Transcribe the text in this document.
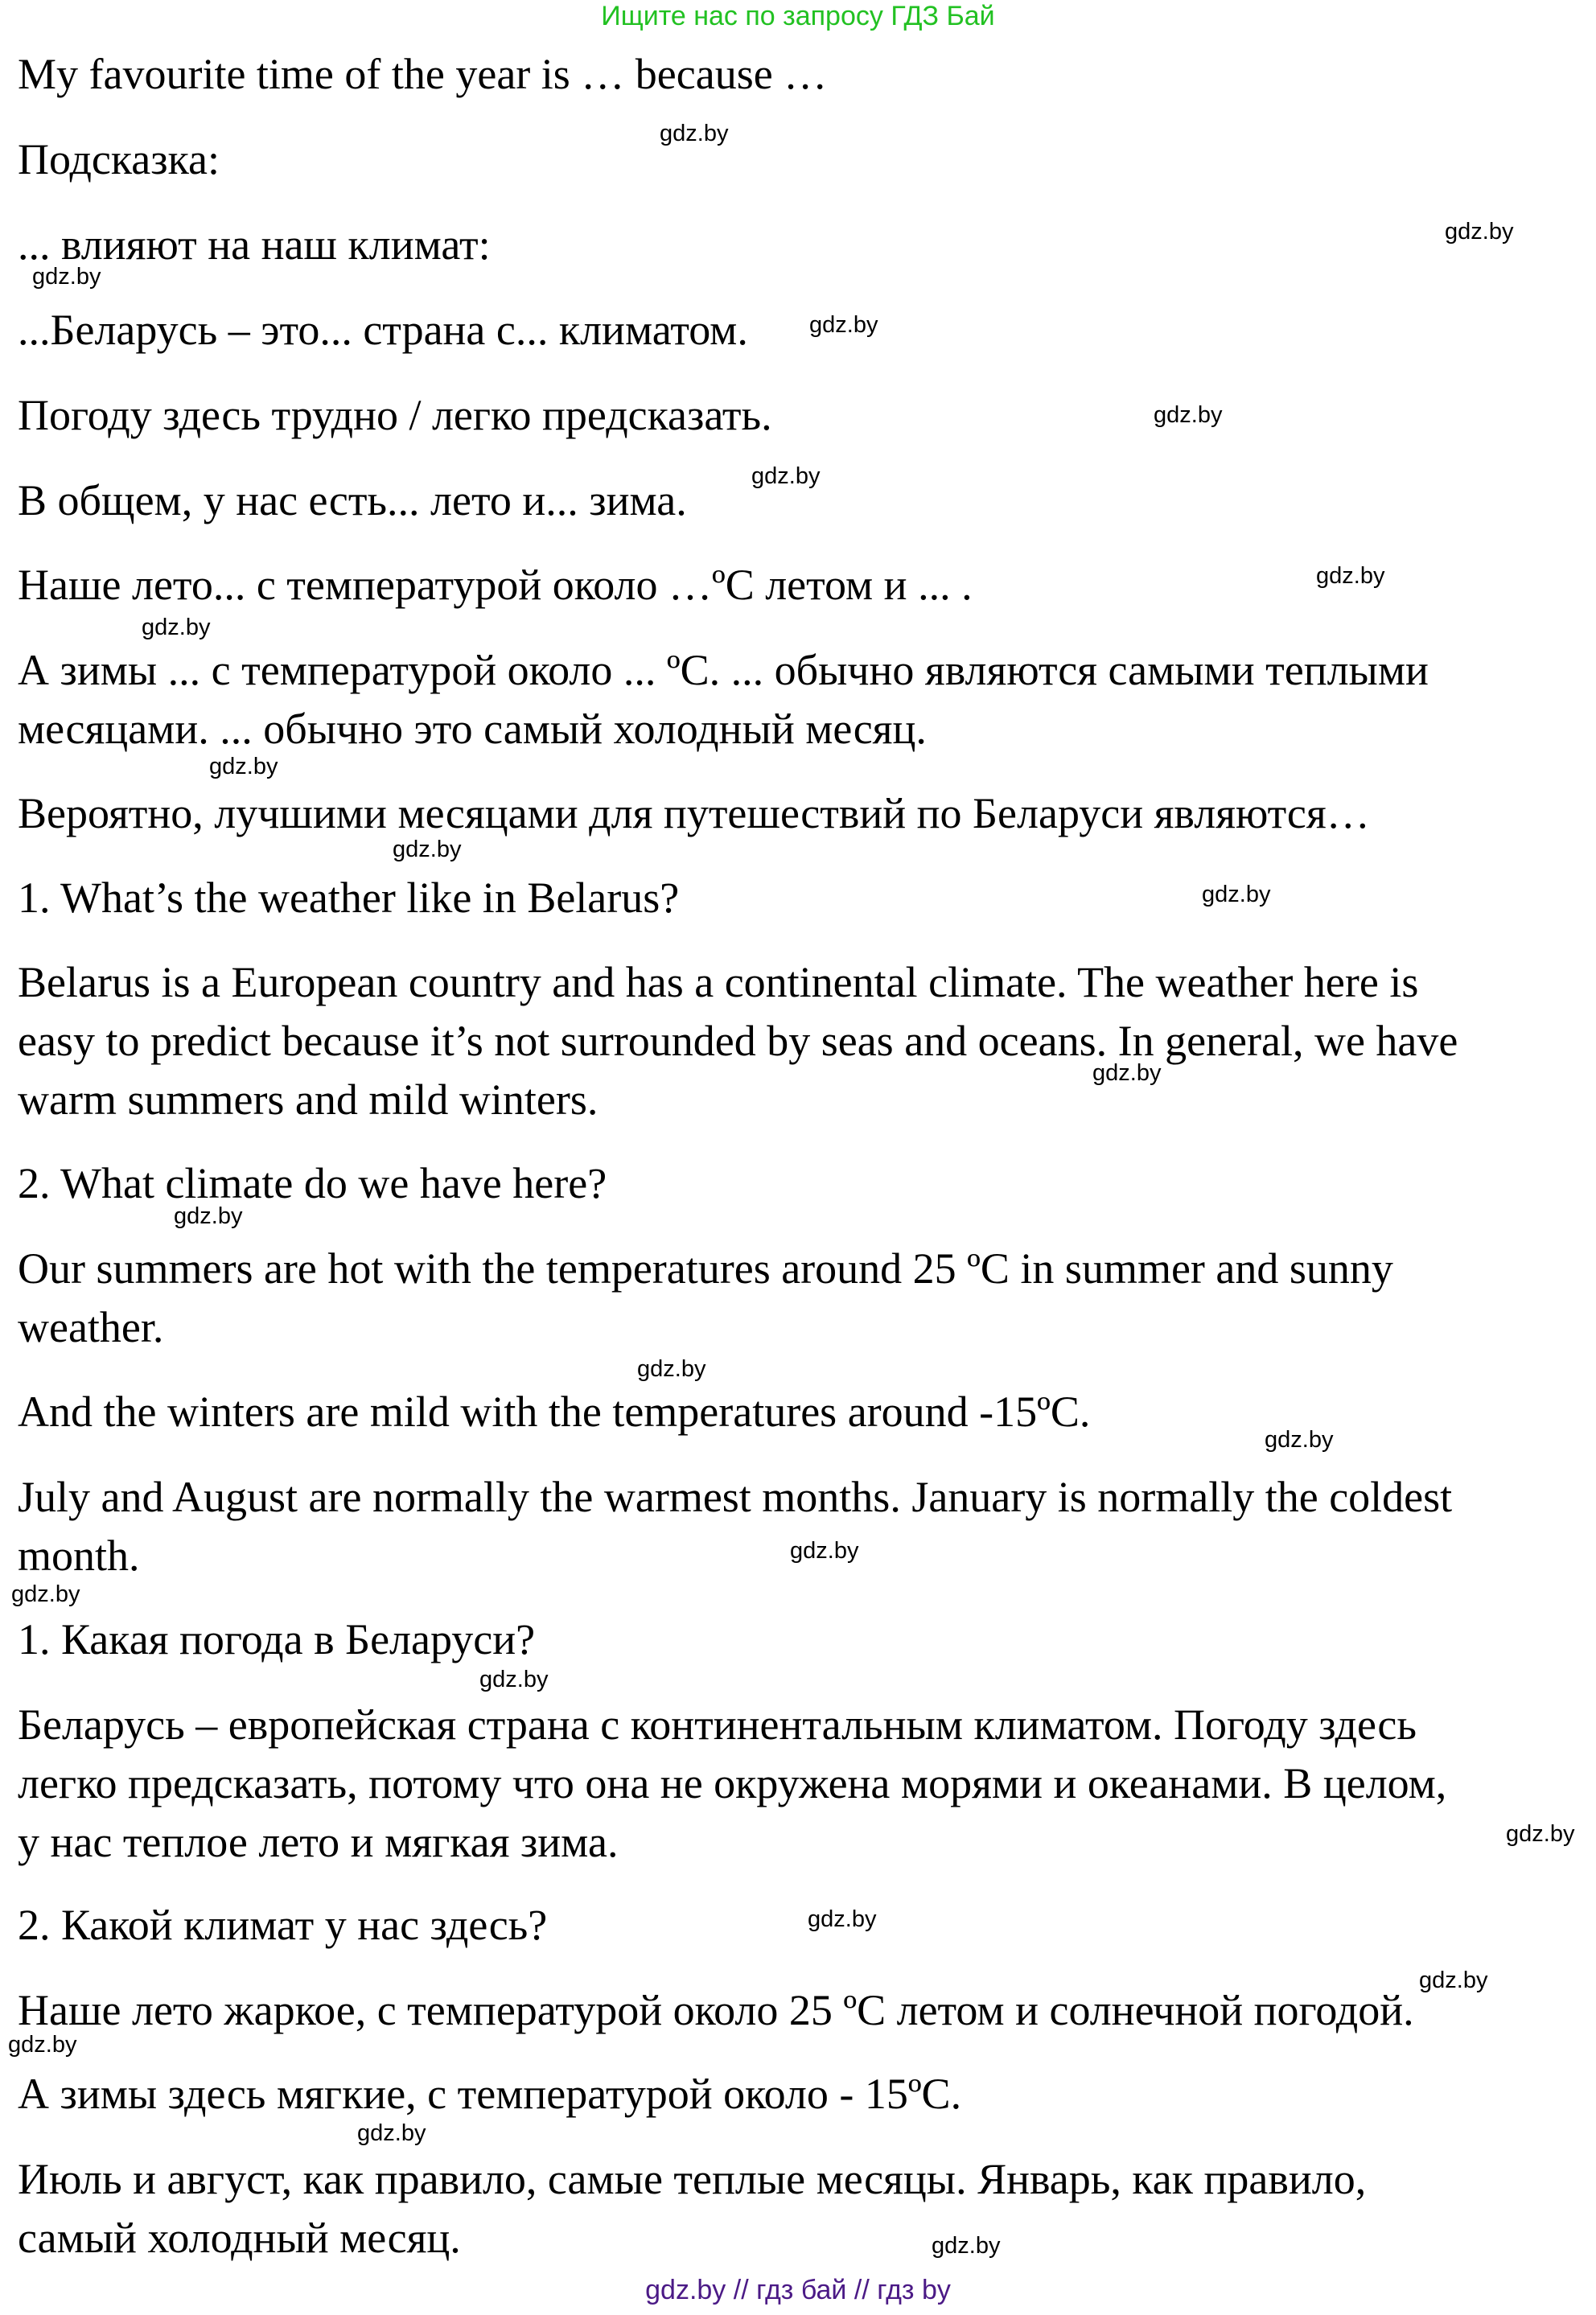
Ищите нас по запросу ГДЗ Бай
My favourite time of the year is … because …
Подсказка:
... влияют на наш климат:
...Беларусь – это... страна с... климатом.
Погоду здесь трудно / легко предсказать.
В общем, у нас есть... лето и... зима.
Наше лето... с температурой около …ºC летом и ... .
А зимы ... с температурой около ... ºC. ... обычно являются самыми теплыми
месяцами. ... обычно это самый холодный месяц.
Вероятно, лучшими месяцами для путешествий по Беларуси являются…
1. What’s the weather like in Belarus?
Belarus is a European country and has a continental climate. The weather here is
easy to predict because it’s not surrounded by seas and oceans. In general, we have
warm summers and mild winters.
2. What climate do we have here?
Our summers are hot with the temperatures around 25 ºC in summer and sunny
weather.
And the winters are mild with the temperatures around -15ºC.
July and August are normally the warmest months. January is normally the coldest
month.
1. Какая погода в Беларуси?
Беларусь – европейская страна с континентальным климатом. Погоду здесь
легко предсказать, потому что она не окружена морями и океанами. В целом,
у нас теплое лето и мягкая зима.
2. Какой климат у нас здесь?
Наше лето жаркое, с температурой около 25 ºC летом и солнечной погодой.
А зимы здесь мягкие, с температурой около - 15ºC.
Июль и август, как правило, самые теплые месяцы. Январь, как правило,
самый холодный месяц.
gdz.by
gdz.by
gdz.by
gdz.by
gdz.by
gdz.by
gdz.by
gdz.by
gdz.by
gdz.by
gdz.by
gdz.by
gdz.by
gdz.by
gdz.by
gdz.by
gdz.by
gdz.by
gdz.by
gdz.by
gdz.by
gdz.by
gdz.by
gdz.by
gdz.by // гдз бай // гдз by
